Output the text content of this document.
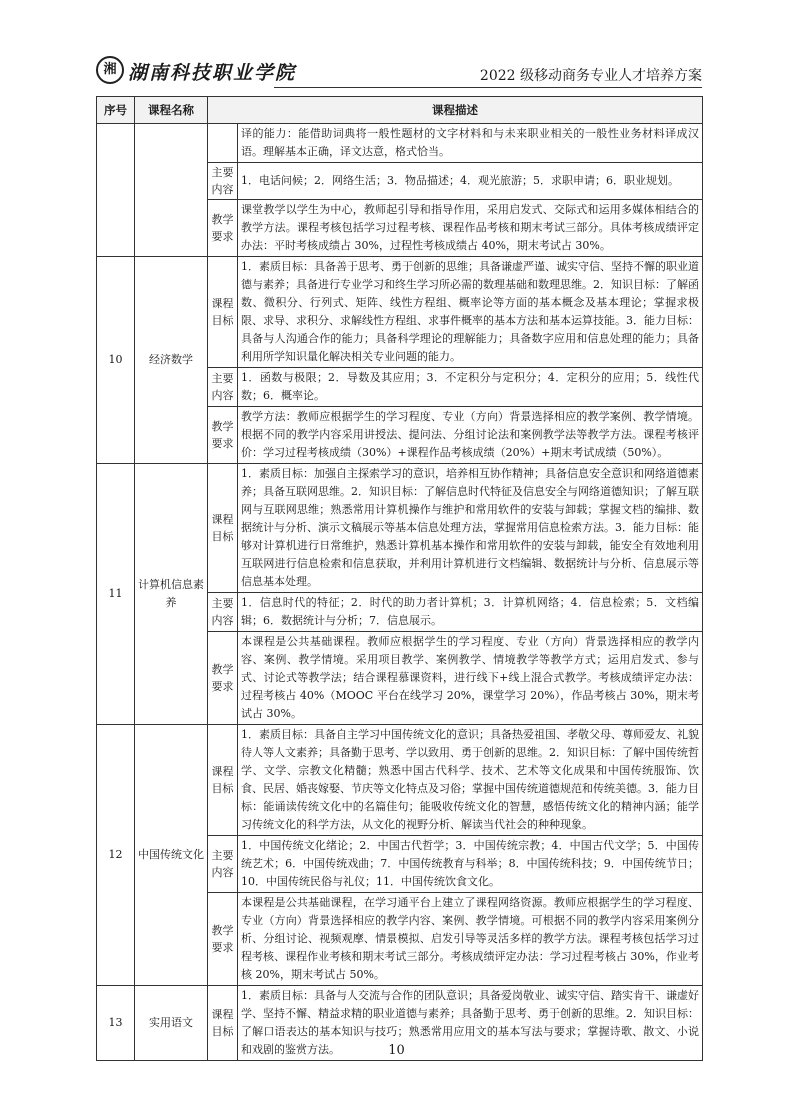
湘 湖南科技职业学院	2022 级移动商务专业人才培养方案
序号	课程名称	课程描述	
			译的能力：能借助词典将一般性题材的文字材料和与未来职业相关的一般性业务材料译成汉语。理解基本正确，译文达意，格式恰当。
		主要内容	1．电话问候；2．网络生活；3．物品描述；4．观光旅游；5．求职申请；6．职业规划。
		教学要求	课堂教学以学生为中心，教师起引导和指导作用，采用启发式、交际式和运用多媒体相结合的教学方法。课程考核包括学习过程考核、课程作品考核和期末考试三部分。具体考核成绩评定办法：平时考核成绩占 30%，过程性考核成绩占 40%，期末考试占 30%。
10	经济数学	课程目标	1．素质目标：具备善于思考、勇于创新的思维；具备谦虚严谨、诚实守信、坚持不懈的职业道德与素养；具备进行专业学习和终生学习所必需的数理基础和数理思维。2．知识目标：了解函数、微积分、行列式、矩阵、线性方程组、概率论等方面的基本概念及基本理论；掌握求极限、求导、求积分、求解线性方程组、求事件概率的基本方法和基本运算技能。3．能力目标：具备与人沟通合作的能力；具备科学理论的理解能力；具备数字应用和信息处理的能力；具备利用所学知识量化解决相关专业问题的能力。
		主要内容	1．函数与极限；2．导数及其应用；3．不定积分与定积分；4．定积分的应用；5．线性代数；6．概率论。
		教学要求	教学方法：教师应根据学生的学习程度、专业（方向）背景选择相应的教学案例、教学情境。根据不同的教学内容采用讲授法、提问法、分组讨论法和案例教学法等教学方法。课程考核评价：学习过程考核成绩（30%）+课程作品考核成绩（20%）+期末考试成绩（50%）。
11	计算机信息素养	课程目标	1．素质目标：加强自主探索学习的意识，培养相互协作精神；具备信息安全意识和网络道德素养；具备互联网思维。2．知识目标：了解信息时代特征及信息安全与网络道德知识；了解互联网与互联网思维；熟悉常用计算机操作与维护和常用软件的安装与卸载；掌握文档的编排、数据统计与分析、演示文稿展示等基本信息处理方法，掌握常用信息检索方法。3．能力目标：能够对计算机进行日常维护，熟悉计算机基本操作和常用软件的安装与卸载，能安全有效地利用互联网进行信息检索和信息获取，并利用计算机进行文档编辑、数据统计与分析、信息展示等信息基本处理。
		主要内容	1．信息时代的特征；2．时代的助力者计算机；3．计算机网络；4．信息检索；5．文档编辑；6．数据统计与分析；7．信息展示。
		教学要求	本课程是公共基础课程。教师应根据学生的学习程度、专业（方向）背景选择相应的教学内容、案例、教学情境。采用项目教学、案例教学、情境教学等教学方式；运用启发式、参与式、讨论式等教学法；结合课程慕课资料，进行线下+线上混合式教学。考核成绩评定办法：过程考核占 40%（MOOC 平台在线学习 20%，课堂学习 20%），作品考核占 30%，期末考试占 30%。
12	中国传统文化	课程目标	1．素质目标：具备自主学习中国传统文化的意识；具备热爱祖国、孝敬父母、尊师爱友、礼貌待人等人文素养；具备勤于思考、学以致用、勇于创新的思维。2．知识目标：了解中国传统哲学、文学、宗教文化精髓；熟悉中国古代科学、技术、艺术等文化成果和中国传统服饰、饮食、民居、婚丧嫁娶、节庆等文化特点及习俗；掌握中国传统道德规范和传统美德。3．能力目标：能诵读传统文化中的名篇佳句；能吸收传统文化的智慧，感悟传统文化的精神内涵；能学习传统文化的科学方法，从文化的视野分析、解读当代社会的种种现象。
		主要内容	1．中国传统文化绪论；2．中国古代哲学；3．中国传统宗教；4．中国古代文学；5．中国传统艺术；6．中国传统戏曲；7．中国传统教育与科举；8．中国传统科技；9．中国传统节日；10．中国传统民俗与礼仪；11．中国传统饮食文化。
		教学要求	本课程是公共基础课程，在学习通平台上建立了课程网络资源。教师应根据学生的学习程度、专业（方向）背景选择相应的教学内容、案例、教学情境。可根据不同的教学内容采用案例分析、分组讨论、视频观摩、情景模拟、启发引导等灵活多样的教学方法。课程考核包括学习过程考核、课程作业考核和期末考试三部分。考核成绩评定办法：学习过程考核占 30%，作业考核 20%，期末考试占 50%。
13	实用语文	课程目标	1．素质目标：具备与人交流与合作的团队意识；具备爱岗敬业、诚实守信、踏实肯干、谦虚好学、坚持不懈、精益求精的职业道德与素养；具备勤于思考、勇于创新的思维。2．知识目标：了解口语表达的基本知识与技巧；熟悉常用应用文的基本写法与要求；掌握诗歌、散文、小说和戏剧的鉴赏方法。	10
